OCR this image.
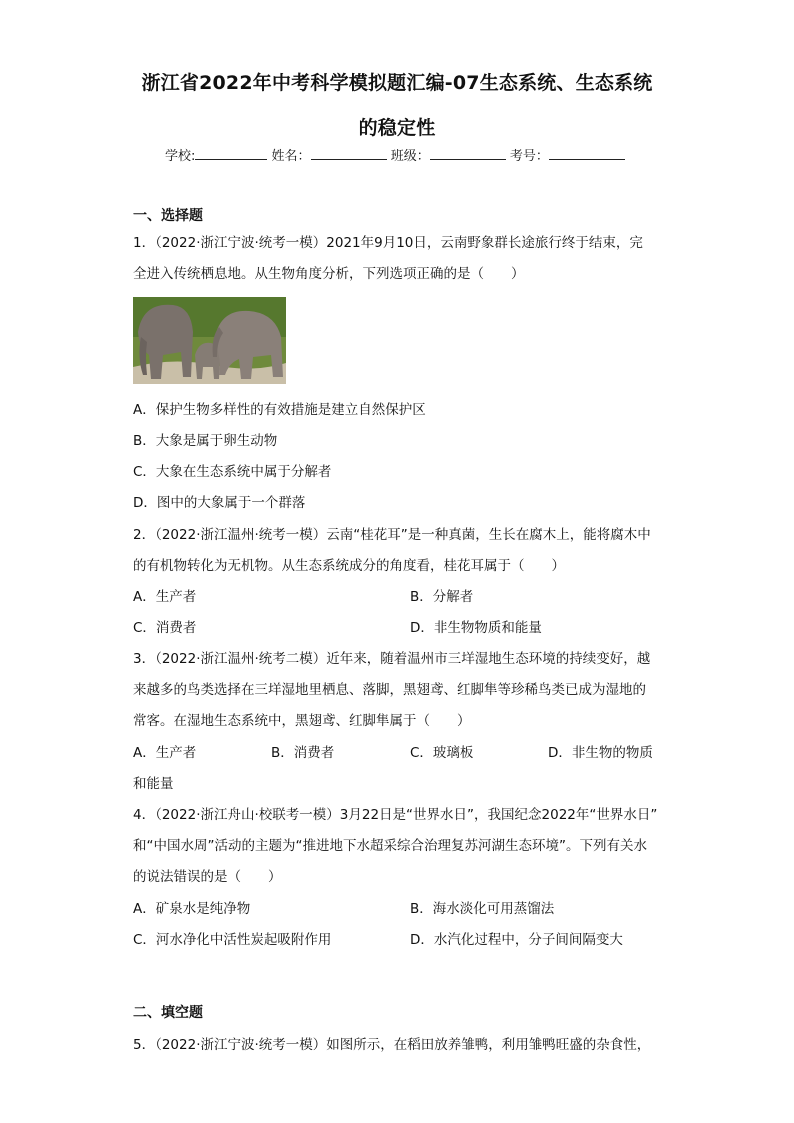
浙江省2022年中考科学模拟题汇编-07生态系统、生态系统
的稳定性
学校:	姓名：	班级：	考号：
一、选择题
1．（2022·浙江宁波·统考一模）2021年9月10日，云南野象群长途旅行终于结束，完
全进入传统栖息地。从生物角度分析，下列选项正确的是（　　）
A．保护生物多样性的有效措施是建立自然保护区
B．大象是属于卵生动物
C．大象在生态系统中属于分解者
D．图中的大象属于一个群落
2．（2022·浙江温州·统考一模）云南“桂花耳”是一种真菌，生长在腐木上，能将腐木中
的有机物转化为无机物。从生态系统成分的角度看，桂花耳属于（　　）
A．生产者	B．分解者
C．消费者	D．非生物物质和能量
3．（2022·浙江温州·统考二模）近年来，随着温州市三垟湿地生态环境的持续变好，越
来越多的鸟类选择在三垟湿地里栖息、落脚，黑翅鸢、红脚隼等珍稀鸟类已成为湿地的
常客。在湿地生态系统中，黑翅鸢、红脚隼属于（　　）
A．生产者	B．消费者	C．玻璃板	D．非生物的物质
和能量
4．（2022·浙江舟山·校联考一模）3月22日是“世界水日”，我国纪念2022年“世界水日”
和“中国水周”活动的主题为“推进地下水超采综合治理复苏河湖生态环境”。下列有关水
的说法错误的是（　　）
A．矿泉水是纯净物	B．海水淡化可用蒸馏法
C．河水净化中活性炭起吸附作用	D．水汽化过程中，分子间间隔变大
二、填空题
5．（2022·浙江宁波·统考一模）如图所示，在稻田放养雏鸭，利用雏鸭旺盛的杂食性，
